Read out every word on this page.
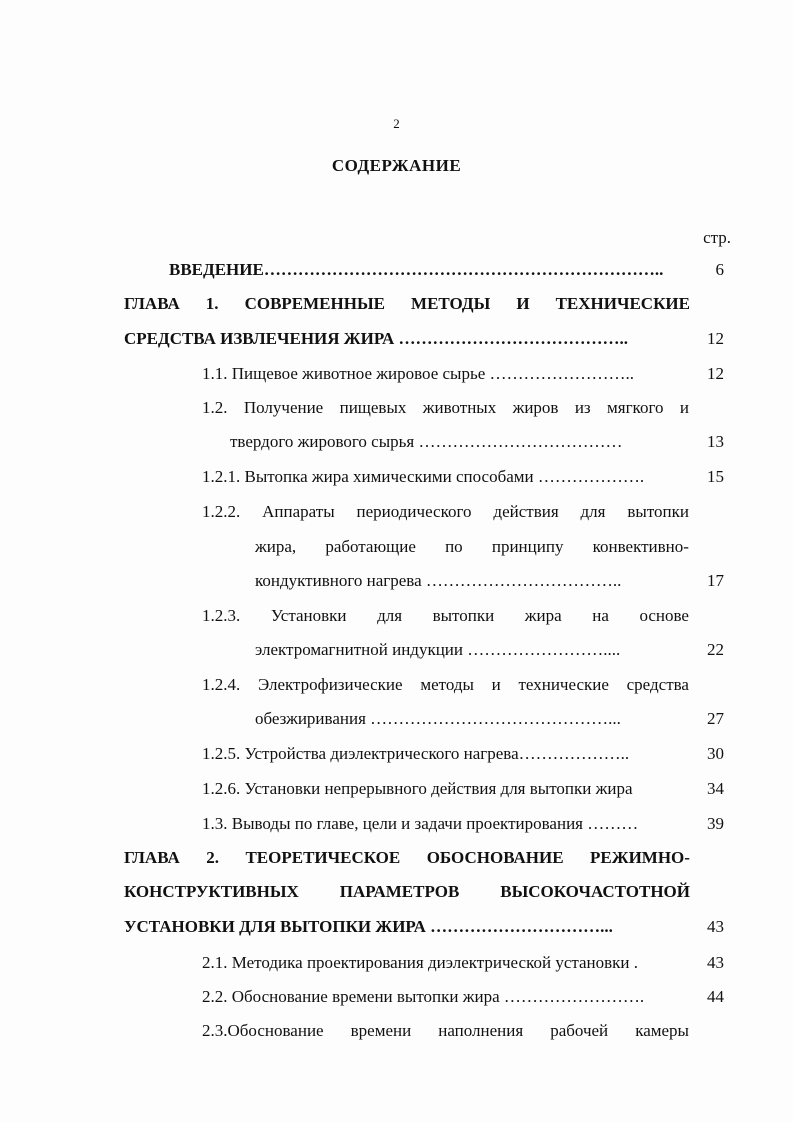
2
СОДЕРЖАНИЕ
стр.
ВВЕДЕНИЕ……………………………………………………………..	6
ГЛАВА 1. СОВРЕМЕННЫЕ МЕТОДЫ И ТЕХНИЧЕСКИЕ
СРЕДСТВА ИЗВЛЕЧЕНИЯ ЖИРА …………………………………..	12
1.1. Пищевое животное жировое сырье ……………………..	12
1.2. Получение пищевых животных жиров из мягкого и
твердого жирового сырья ………………………………	13
1.2.1. Вытопка жира химическими способами ……………….	15
1.2.2. Аппараты периодического действия для вытопки
жира, работающие по принципу конвективно-
кондуктивного нагрева ……………………………..	17
1.2.3. Установки для вытопки жира на основе
электромагнитной индукции ……………………....	22
1.2.4. Электрофизические методы и технические средства
обезжиривания ……………………………………...	27
1.2.5. Устройства диэлектрического нагрева………………..	30
1.2.6. Установки непрерывного действия для вытопки жира	34
1.3. Выводы по главе, цели и задачи проектирования ………	39
ГЛАВА 2. ТЕОРЕТИЧЕСКОЕ ОБОСНОВАНИЕ РЕЖИМНО-
КОНСТРУКТИВНЫХ ПАРАМЕТРОВ ВЫСОКОЧАСТОТНОЙ
УСТАНОВКИ ДЛЯ ВЫТОПКИ ЖИРА …………………………...	43
2.1. Методика проектирования диэлектрической установки .	43
2.2. Обоснование времени вытопки жира …………………….	44
2.3.Обоснование времени наполнения рабочей камеры
